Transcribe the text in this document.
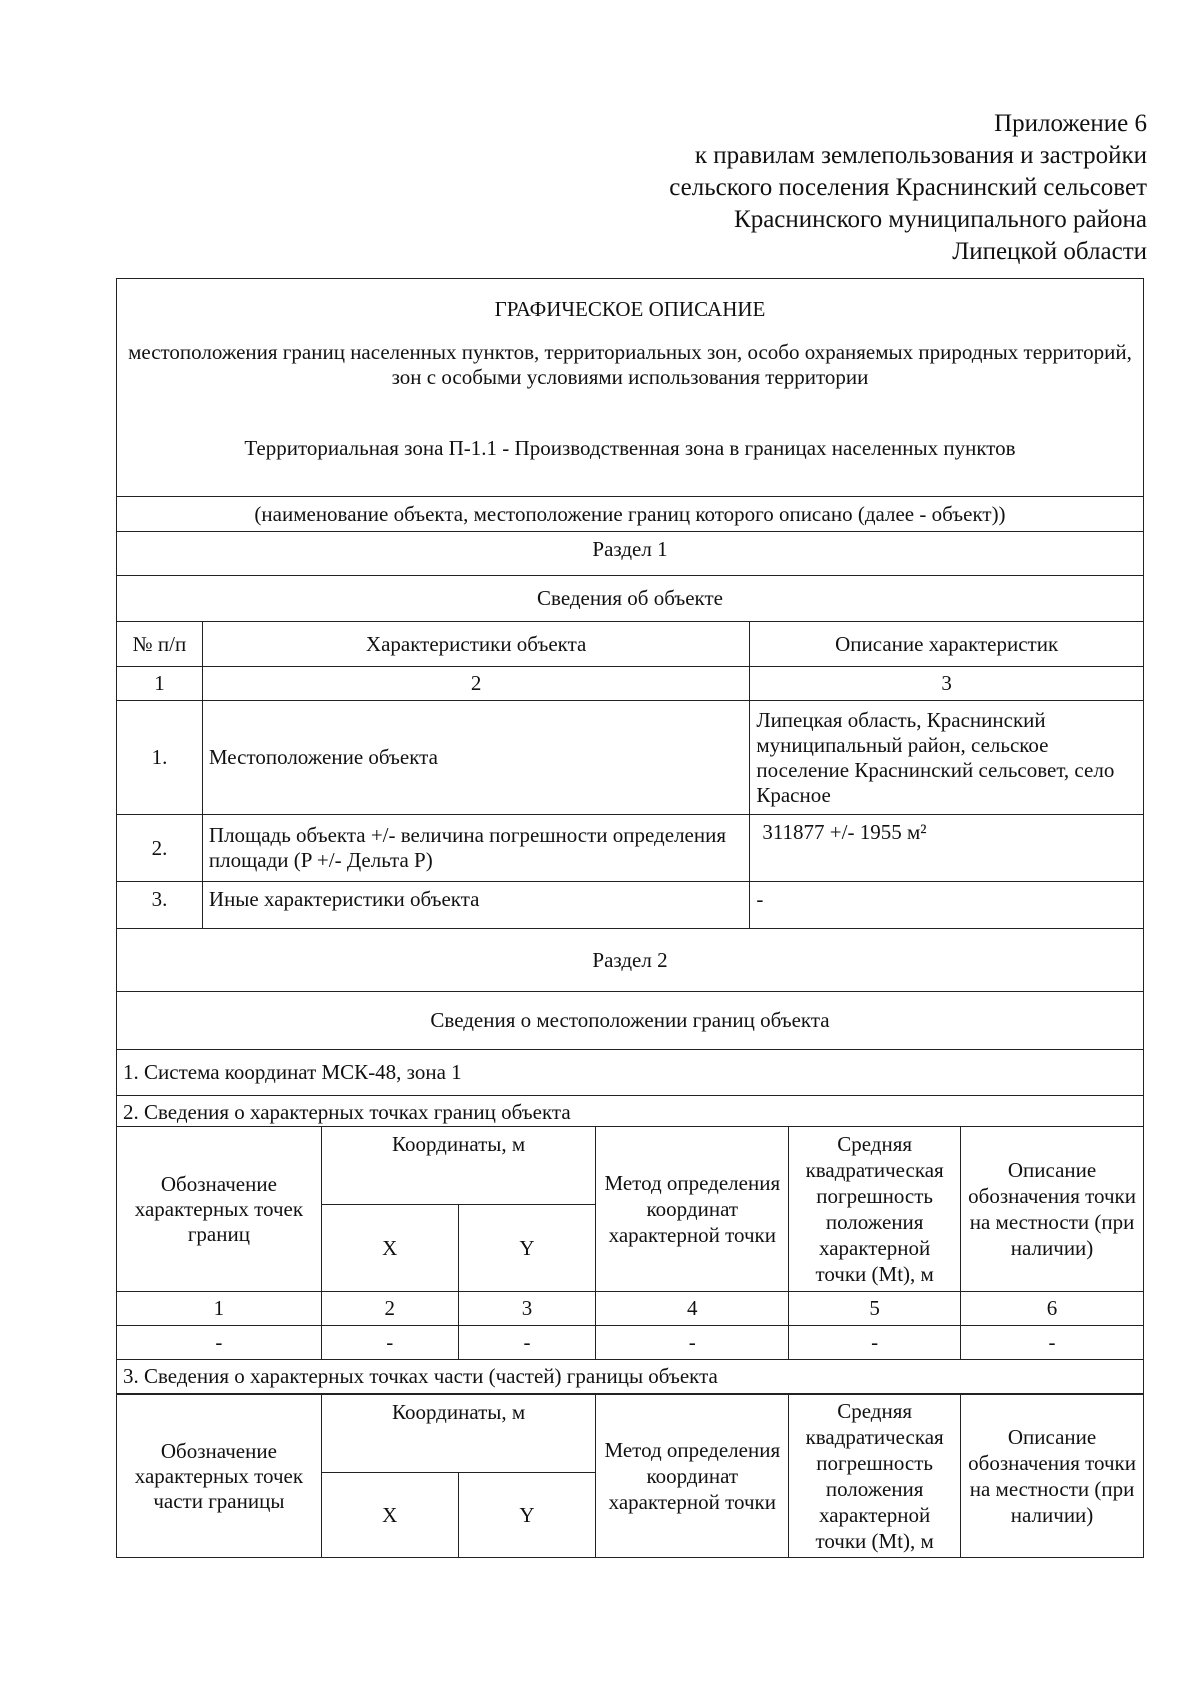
Приложение 6
к правилам землепользования и застройки
сельского поселения Краснинский сельсовет
Краснинского муниципального района
Липецкой области
ГРАФИЧЕСКОЕ ОПИСАНИЕ
местоположения границ населенных пунктов, территориальных зон, особо охраняемых природных территорий, зон с особыми условиями использования территории
Территориальная зона П-1.1 - Производственная зона в границах населенных пунктов		

(наименование объекта, местоположение границ которого описано (далее - объект))		
Раздел 1		
Сведения об объекте		
№ п/п	Характеристики объекта	Описание характеристик
1	2	3
1.	Местоположение объекта	Липецкая область, Краснинский муниципальный район, сельское поселение Краснинский сельсовет, село Красное
2.	Площадь объекта +/- величина погрешности определения площади (P +/- Дельта P)	311877 +/- 1955 м²
3.	Иные характеристики объекта	-
Раздел 2		
Сведения о местоположении границ объекта		
1. Система координат МСК-48, зона 1		
2. Сведения о характерных точках границ объекта		
Обозначение характерных точек границ	Координаты, м		Метод определения координат характерной точки	Средняя квадратическая погрешность положения характерной точки (Mt), м	Описание обозначения точки на местности (при наличии)
	X	Y			
1	2	3	4	5	6
-	-	-	-	-	-
3. Сведения о характерных точках части (частей) границы объекта					
Обозначение характерных точек части границы	Координаты, м		Метод определения координат характерной точки	Средняя квадратическая погрешность положения характерной точки (Mt), м	Описание обозначения точки на местности (при наличии)
	X	Y			
